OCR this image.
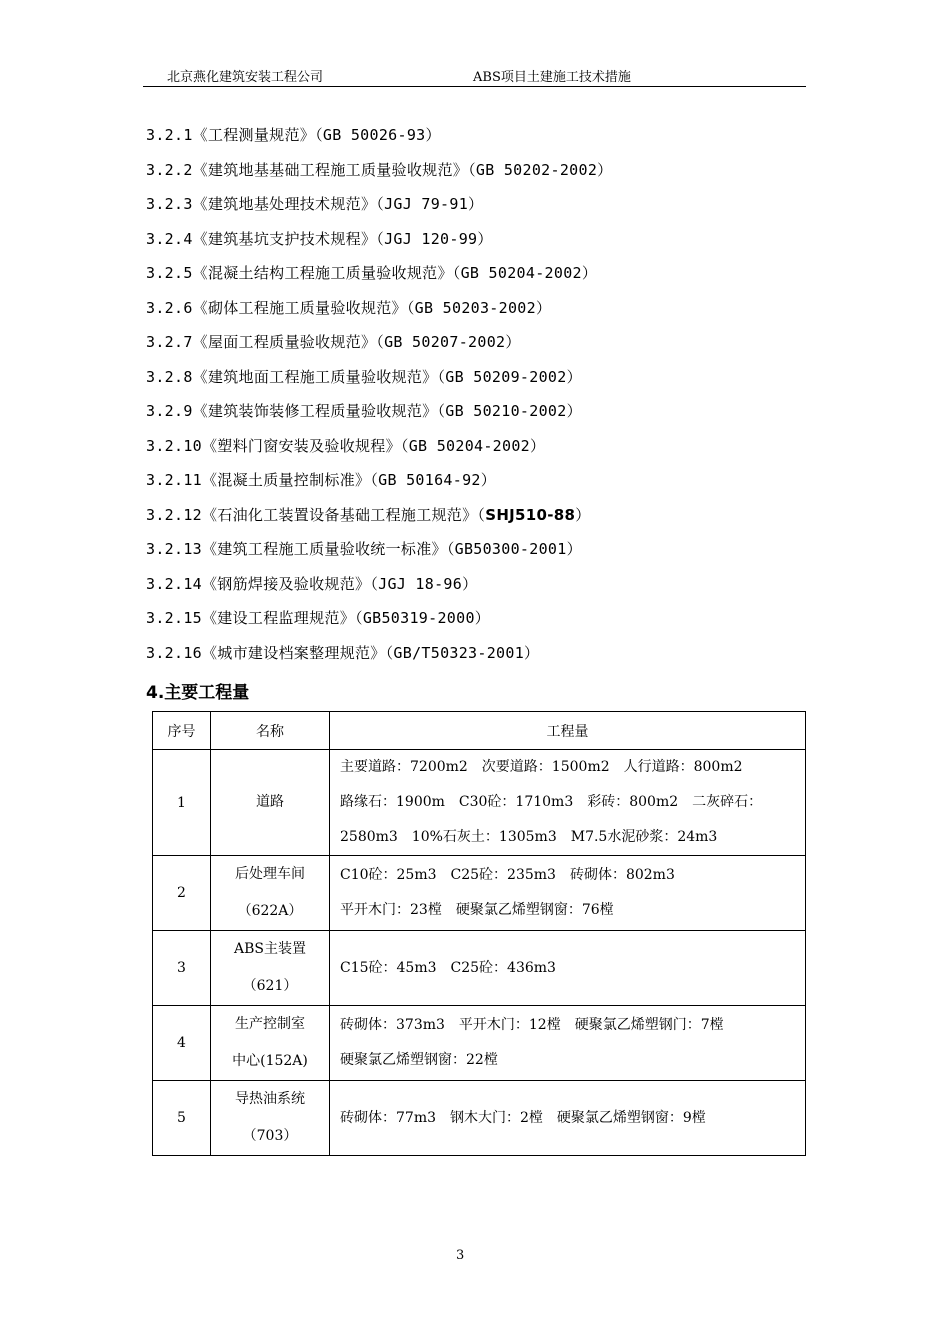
北京燕化建筑安装工程公司	ABS项目土建施工技术措施
3.2.1《工程测量规范》（GB 50026-93）
3.2.2《建筑地基基础工程施工质量验收规范》（GB 50202-2002）
3.2.3《建筑地基处理技术规范》（JGJ 79-91）
3.2.4《建筑基坑支护技术规程》（JGJ 120-99）
3.2.5《混凝土结构工程施工质量验收规范》（GB 50204-2002）
3.2.6《砌体工程施工质量验收规范》（GB 50203-2002）
3.2.7《屋面工程质量验收规范》（GB 50207-2002）
3.2.8《建筑地面工程施工质量验收规范》（GB 50209-2002）
3.2.9《建筑装饰装修工程质量验收规范》（GB 50210-2002）
3.2.10《塑料门窗安装及验收规程》（GB 50204-2002）
3.2.11《混凝土质量控制标准》（GB 50164-92）
3.2.12《石油化工装置设备基础工程施工规范》（SHJ510-88）
3.2.13《建筑工程施工质量验收统一标准》（GB50300-2001）
3.2.14《钢筋焊接及验收规范》（JGJ 18-96）
3.2.15《建设工程监理规范》（GB50319-2000）
3.2.16《城市建设档案整理规范》（GB/T50323-2001）
4.主要工程量
序号	名称	工程量
1	道路	主要道路：7200m2　次要道路：1500m2　人行道路：800m2
路缘石：1900m　C30砼：1710m3　彩砖：800m2　二灰碎石：
2580m3　10%石灰土：1305m3　M7.5水泥砂浆：24m3

2	后处理车间
（622A）	C10砼：25m3　C25砼：235m3　砖砌体：802m3
平开木门：23樘　硬聚氯乙烯塑钢窗：76樘

3	ABS主装置
（621）	C15砼：45m3　C25砼：436m3

4	生产控制室
中心(152A)	砖砌体：373m3　平开木门：12樘　硬聚氯乙烯塑钢门：7樘
硬聚氯乙烯塑钢窗：22樘

5	导热油系统
（703）	砖砌体：77m3　钢木大门：2樘　硬聚氯乙烯塑钢窗：9樘
3
